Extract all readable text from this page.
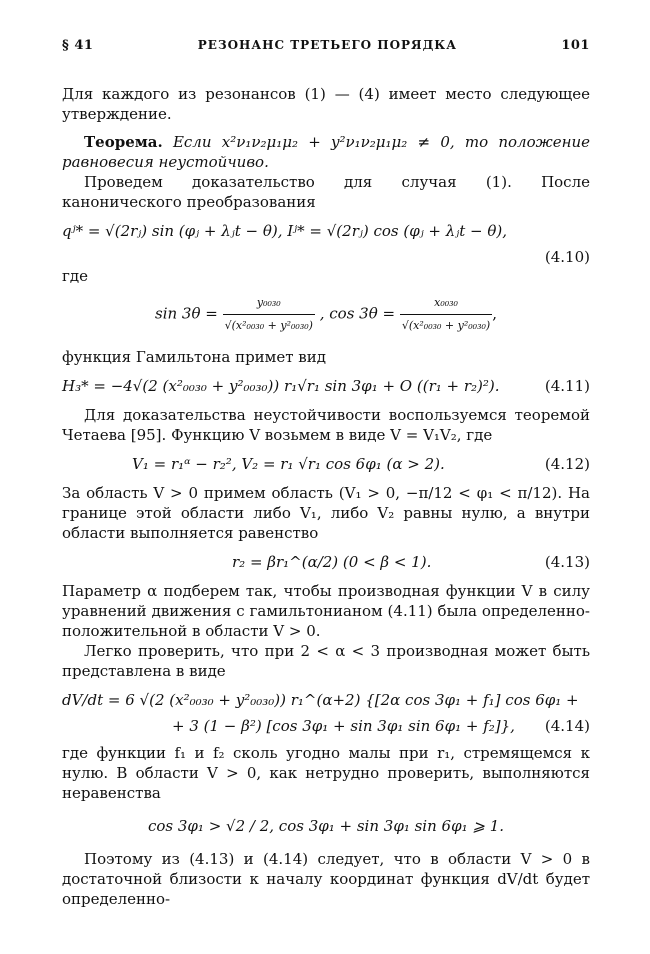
§ 41	РЕЗОНАНС ТРЕТЬЕГО ПОРЯДКА	101

Для каждого из резонансов (1) — (4) имеет место следующее утверждение.

Теорема. Если x²ν₁ν₂μ₁μ₂ + y²ν₁ν₂μ₁μ₂ ≠ 0, то положение равновесия неустойчиво.

Проведем доказательство для случая (1). После канонического преобразования

qʲ* = √(2rⱼ) sin (φⱼ + λⱼt − θ), Iʲ* = √(2rⱼ) cos (φⱼ + λⱼt − θ),
(4.10)

где

$\sin 3\theta = \frac{\text{y₀₀₃₀}}{\text{√(x²₀₀₃₀ + y²₀₀₃₀)}}$ , $\cos 3\theta = \frac{\text{x₀₀₃₀}}{\text{√(x²₀₀₃₀ + y²₀₀₃₀)}}$ ,

функция Гамильтона примет вид

H₃* = −4√(2 (x²₀₀₃₀ + y²₀₀₃₀)) r₁√r₁ sin 3φ₁ + O ((r₁ + r₂)²).	(4.11)

Для доказательства неустойчивости воспользуемся теоремой Четаева [95]. Функцию V возьмем в виде V = V₁V₂, где

V₁ = r₁ᵅ − r₂², V₂ = r₁ √r₁ cos 6φ₁ (α > 2).	(4.12)

За область V > 0 примем область (V₁ > 0, −π/12 < φ₁ < π/12). На границе этой области либо V₁, либо V₂ равны нулю, а внутри области выполняется равенство

r₂ = βr₁^(α/2) (0 < β < 1).	(4.13)

Параметр α подберем так, чтобы производная функции V в силу уравнений движения с гамильтонианом (4.11) была определенно-положительной в области V > 0.

Легко проверить, что при 2 < α < 3 производная может быть представлена в виде

dV/dt = 6 √(2 (x²₀₀₃₀ + y²₀₀₃₀)) r₁^(α+2) {[2α cos 3φ₁ + f₁] cos 6φ₁ +
+ 3 (1 − β²) [cos 3φ₁ + sin 3φ₁ sin 6φ₁ + f₂]}, (4.14)

где функции f₁ и f₂ сколь угодно малы при r₁, стремящемся к нулю. В области V > 0, как нетрудно проверить, выполняются неравенства

cos 3φ₁ > √2 / 2, cos 3φ₁ + sin 3φ₁ sin 6φ₁ ⩾ 1.

Поэтому из (4.13) и (4.14) следует, что в области V > 0 в достаточной близости к началу координат функция dV/dt будет определенно-
